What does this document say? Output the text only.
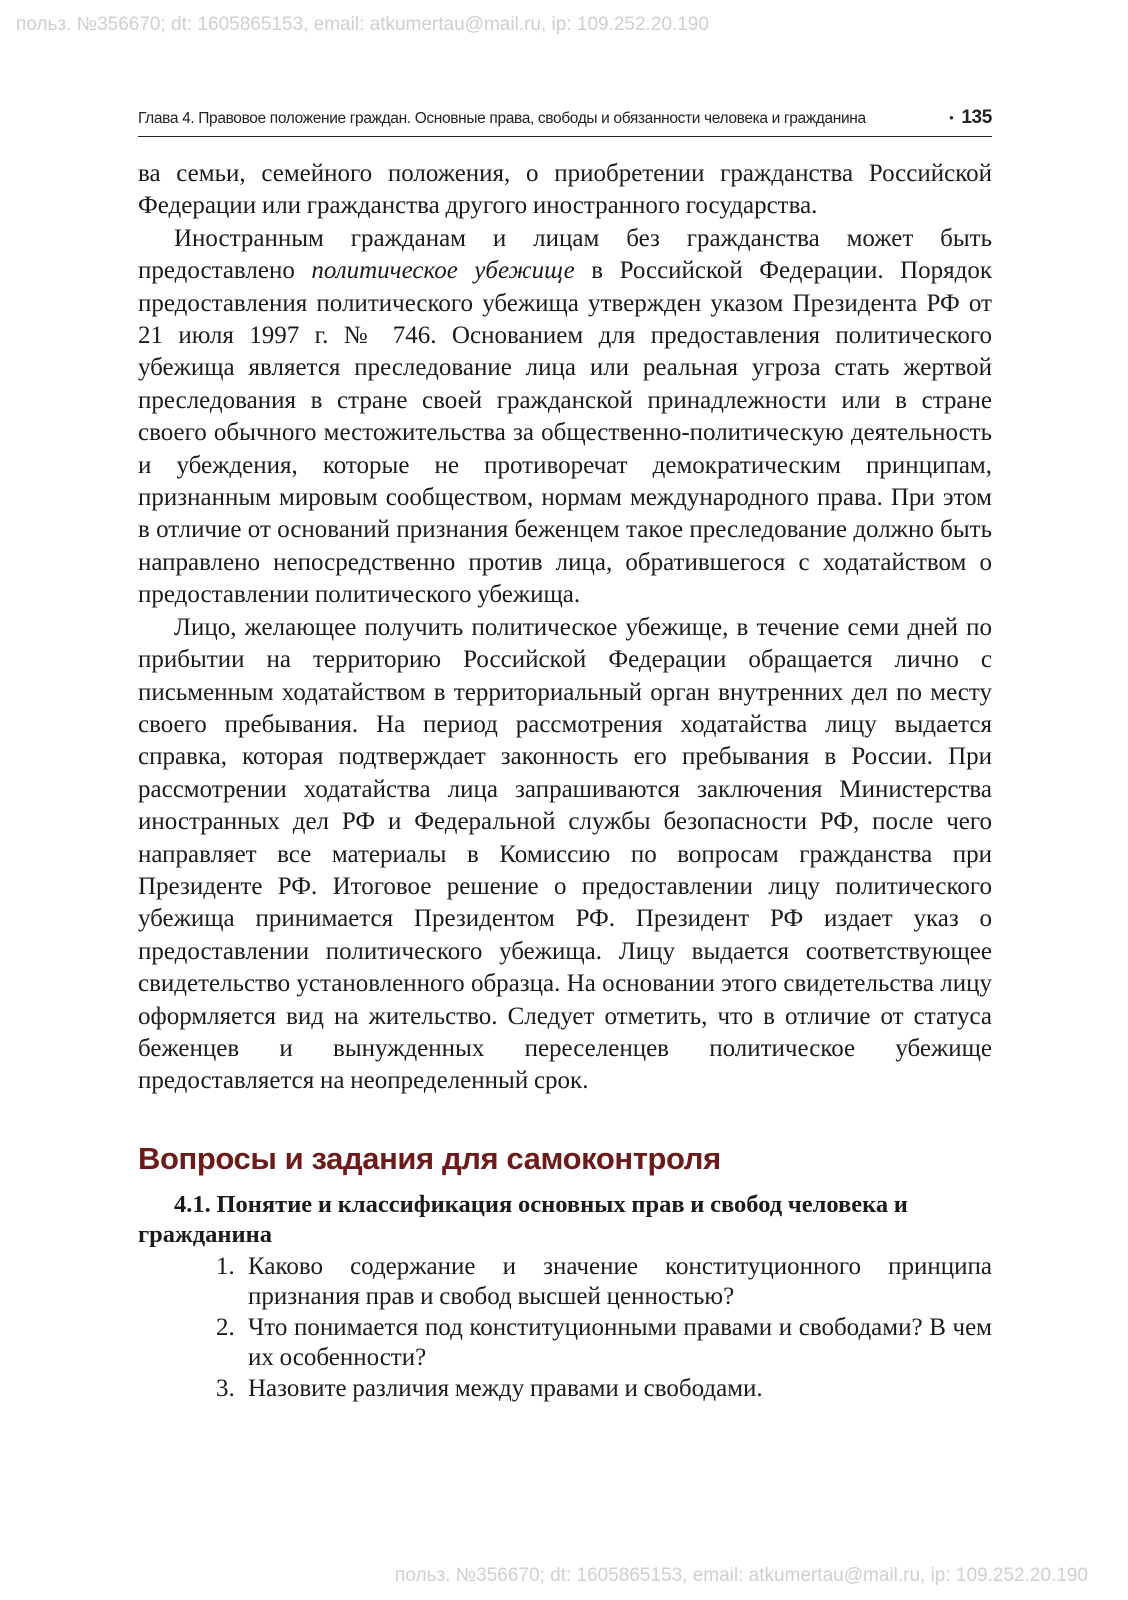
польз. №356670; dt: 1605865153, email: atkumertau@mail.ru, ip: 109.252.20.190
Глава 4. Правовое положение граждан. Основные права, свободы и обязанности человека и гражданина	• 135

ва семьи, семейного положения, о приобретении гражданства Российской Федерации или гражданства другого иностранного государства.

Иностранным гражданам и лицам без гражданства может быть предоставлено политическое убежище в Российской Федерации. Порядок предоставления политического убежища утвержден указом Президента РФ от 21 июля 1997 г. № 746. Основанием для предоставления политического убежища является преследование лица или реальная угроза стать жертвой преследования в стране своей гражданской принадлежности или в стране своего обычного местожительства за общественно-политическую деятельность и убеждения, которые не противоречат демократическим принципам, признанным мировым сообществом, нормам международного права. При этом в отличие от оснований признания беженцем такое преследование должно быть направлено непосредственно против лица, обратившегося с ходатайством о предоставлении политического убежища.

Лицо, желающее получить политическое убежище, в течение семи дней по прибытии на территорию Российской Федерации обращается лично с письменным ходатайством в территориальный орган внутренних дел по месту своего пребывания. На период рассмотрения ходатайства лицу выдается справка, которая подтверждает законность его пребывания в России. При рассмотрении ходатайства лица запрашиваются заключения Министерства иностранных дел РФ и Федеральной службы безопасности РФ, после чего направляет все материалы в Комиссию по вопросам гражданства при Президенте РФ. Итоговое решение о предоставлении лицу политического убежища принимается Президентом РФ. Президент РФ издает указ о предоставлении политического убежища. Лицу выдается соответствующее свидетельство установленного образца. На основании этого свидетельства лицу оформляется вид на жительство. Следует отметить, что в отличие от статуса беженцев и вынужденных переселенцев политическое убежище предоставляется на неопределенный срок.

Вопросы и задания для самоконтроля
4.1. Понятие и классификация основных прав и свобод человека и гражданина
1. Каково содержание и значение конституционного принципа признания прав и свобод высшей ценностью?
2. Что понимается под конституционными правами и свободами? В чем их особенности?
3. Назовите различия между правами и свободами.
польз. №356670; dt: 1605865153, email: atkumertau@mail.ru, ip: 109.252.20.190
